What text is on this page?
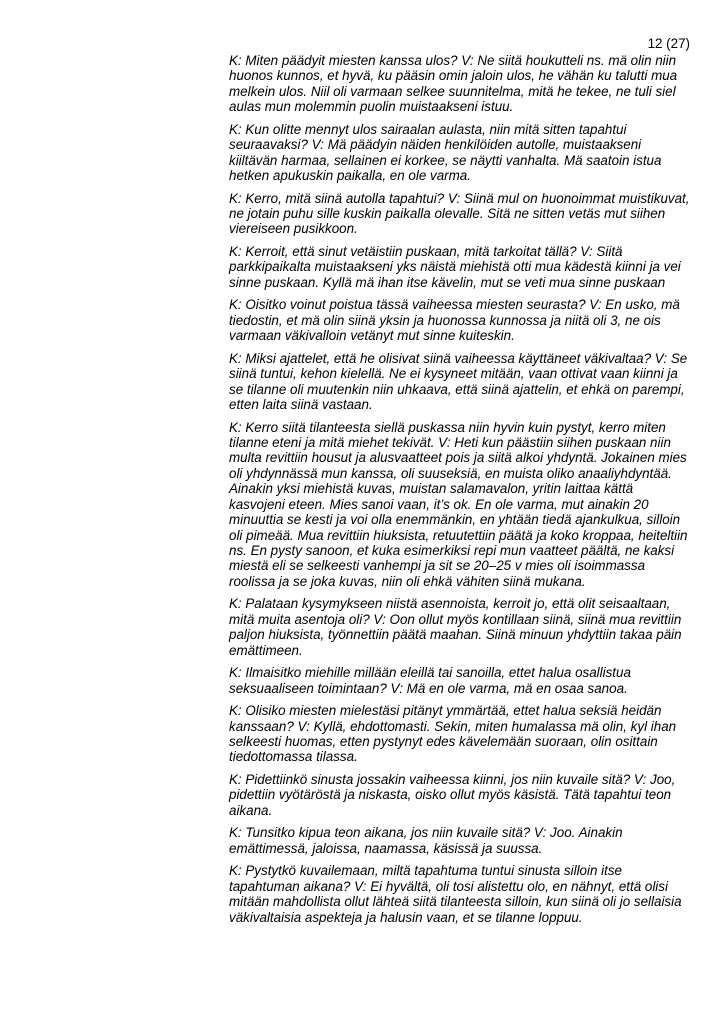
12 (27)

K: Miten päädyit miesten kanssa ulos? V: Ne siitä houkutteli ns. mä olin niin
huonos kunnos, et hyvä, ku pääsin omin jaloin ulos, he vähän ku talutti mua
melkein ulos. Niil oli varmaan selkee suunnitelma, mitä he tekee, ne tuli siel
aulas mun molemmin puolin muistaakseni istuu.

K: Kun olitte mennyt ulos sairaalan aulasta, niin mitä sitten tapahtui
seuraavaksi? V: Mä päädyin näiden henkilöiden autolle, muistaakseni
kiiltävän harmaa, sellainen ei korkee, se näytti vanhalta. Mä saatoin istua
hetken apukuskin paikalla, en ole varma.

K: Kerro, mitä siinä autolla tapahtui? V: Siinä mul on huonoimmat muistikuvat,
ne jotain puhu sille kuskin paikalla olevalle. Sitä ne sitten vetäs mut siihen
viereiseen pusikkoon.

K: Kerroit, että sinut vetäistiin puskaan, mitä tarkoitat tällä? V: Siitä
parkkipaikalta muistaakseni yks näistä miehistä otti mua kädestä kiinni ja vei
sinne puskaan. Kyllä mä ihan itse kävelin, mut se veti mua sinne puskaan

K: Oisitko voinut poistua tässä vaiheessa miesten seurasta? V: En usko, mä
tiedostin, et mä olin siinä yksin ja huonossa kunnossa ja niitä oli 3, ne ois
varmaan väkivalloin vetänyt mut sinne kuiteskin.

K: Miksi ajattelet, että he olisivat siinä vaiheessa käyttäneet väkivaltaa? V: Se
siinä tuntui, kehon kielellä. Ne ei kysyneet mitään, vaan ottivat vaan kiinni ja
se tilanne oli muutenkin niin uhkaava, että siinä ajattelin, et ehkä on parempi,
etten laita siinä vastaan.

K: Kerro siitä tilanteesta siellä puskassa niin hyvin kuin pystyt, kerro miten
tilanne eteni ja mitä miehet tekivät. V: Heti kun päästiin siihen puskaan niin
multa revittiin housut ja alusvaatteet pois ja siitä alkoi yhdyntä. Jokainen mies
oli yhdynnässä mun kanssa, oli suuseksiä, en muista oliko anaaliyhdyntää.
Ainakin yksi miehistä kuvas, muistan salamavalon, yritin laittaa kättä
kasvojeni eteen. Mies sanoi vaan, it’s ok. En ole varma, mut ainakin 20
minuuttia se kesti ja voi olla enemmänkin, en yhtään tiedä ajankulkua, silloin
oli pimeää. Mua revittiin hiuksista, retuutettiin päätä ja koko kroppaa, heiteltiin
ns. En pysty sanoon, et kuka esimerkiksi repi mun vaatteet päältä, ne kaksi
miestä eli se selkeesti vanhempi ja sit se 20–25 v mies oli isoimmassa
roolissa ja se joka kuvas, niin oli ehkä vähiten siinä mukana.

K: Palataan kysymykseen niistä asennoista, kerroit jo, että olit seisaaltaan,
mitä muita asentoja oli? V: Oon ollut myös kontillaan siinä, siinä mua revittiin
paljon hiuksista, työnnettiin päätä maahan. Siinä minuun yhdyttiin takaa päin
emättimeen.

K: Ilmaisitko miehille millään eleillä tai sanoilla, ettet halua osallistua
seksuaaliseen toimintaan? V: Mä en ole varma, mä en osaa sanoa.

K: Olisiko miesten mielestäsi pitänyt ymmärtää, ettet halua seksiä heidän
kanssaan? V: Kyllä, ehdottomasti. Sekin, miten humalassa mä olin, kyl ihan
selkeesti huomas, etten pystynyt edes kävelemään suoraan, olin osittain
tiedottomassa tilassa.

K: Pidettiinkö sinusta jossakin vaiheessa kiinni, jos niin kuvaile sitä? V: Joo,
pidettiin vyötäröstä ja niskasta, oisko ollut myös käsistä. Tätä tapahtui teon
aikana.

K: Tunsitko kipua teon aikana, jos niin kuvaile sitä? V: Joo. Ainakin
emättimessä, jaloissa, naamassa, käsissä ja suussa.

K: Pystytkö kuvailemaan, miltä tapahtuma tuntui sinusta silloin itse
tapahtuman aikana? V: Ei hyvältä, oli tosi alistettu olo, en nähnyt, että olisi
mitään mahdollista ollut lähteä siitä tilanteesta silloin, kun siinä oli jo sellaisia
väkivaltaisia aspekteja ja halusin vaan, et se tilanne loppuu.
